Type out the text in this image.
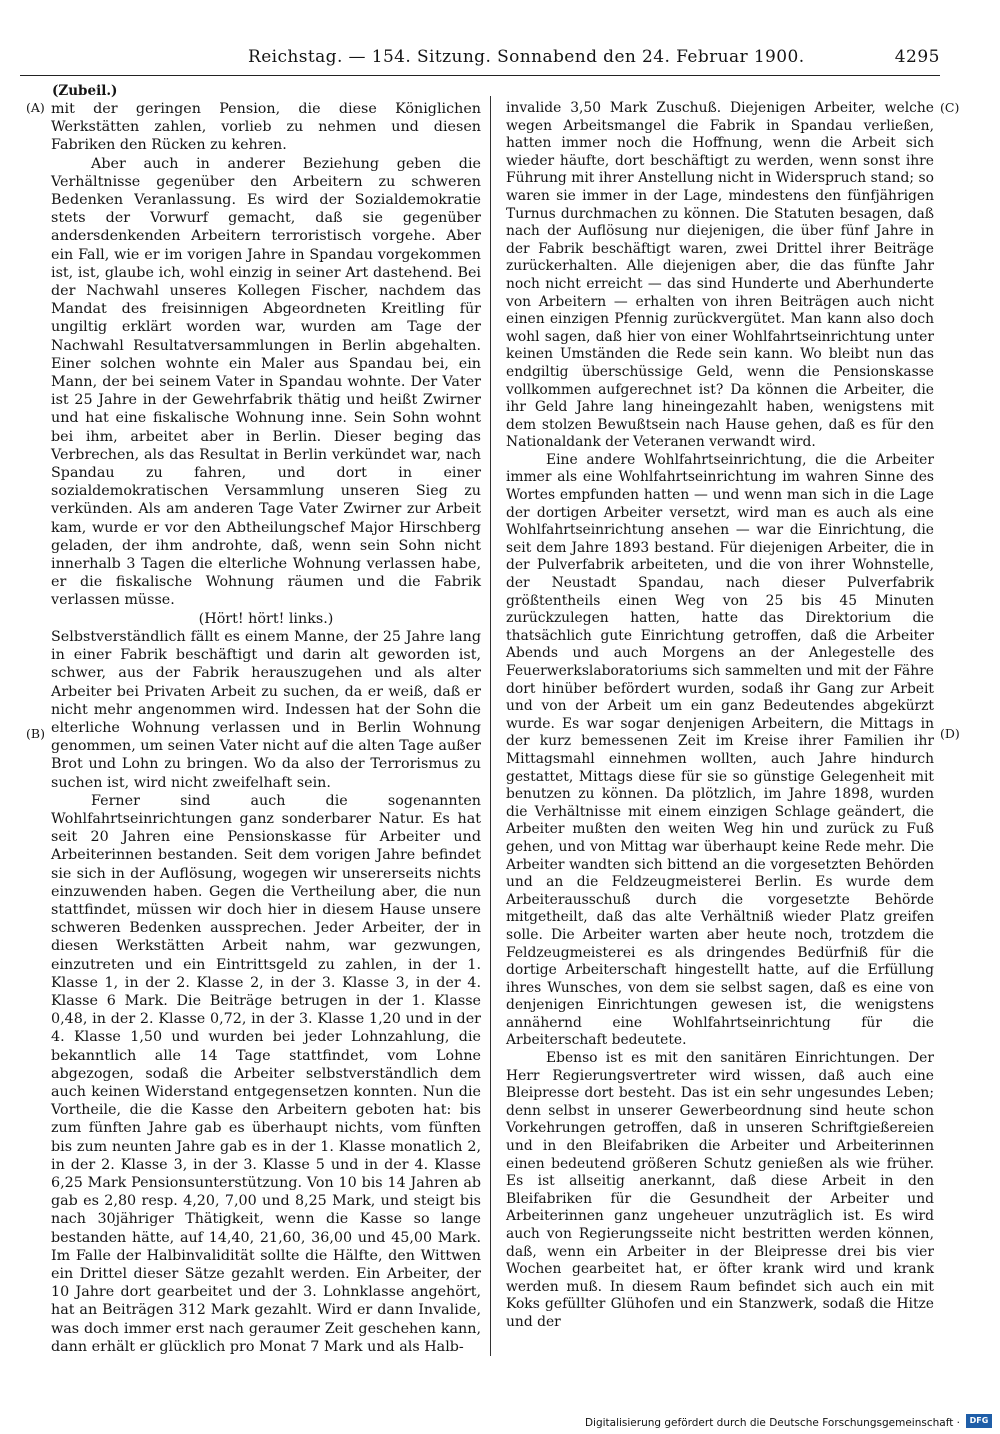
Reichstag. — 154. Sitzung. Sonnabend den 24. Februar 1900.	4295
(Zubeil.)
(A)
(B)
(C)
(D)

mit der geringen Pension, die diese Königlichen Werkstätten zahlen, vorlieb zu nehmen und diesen Fabriken den Rücken zu kehren.

Aber auch in anderer Beziehung geben die Verhältnisse gegenüber den Arbeitern zu schweren Bedenken Veranlassung. Es wird der Sozialdemokratie stets der Vorwurf gemacht, daß sie gegenüber andersdenkenden Arbeitern terroristisch vorgehe. Aber ein Fall, wie er im vorigen Jahre in Spandau vorgekommen ist, ist, glaube ich, wohl einzig in seiner Art dastehend. Bei der Nachwahl unseres Kollegen Fischer, nachdem das Mandat des freisinnigen Abgeordneten Kreitling für ungiltig erklärt worden war, wurden am Tage der Nachwahl Resultatversammlungen in Berlin abgehalten. Einer solchen wohnte ein Maler aus Spandau bei, ein Mann, der bei seinem Vater in Spandau wohnte. Der Vater ist 25 Jahre in der Gewehrfabrik thätig und heißt Zwirner und hat eine fiskalische Wohnung inne. Sein Sohn wohnt bei ihm, arbeitet aber in Berlin. Dieser beging das Verbrechen, als das Resultat in Berlin verkündet war, nach Spandau zu fahren, und dort in einer sozialdemokratischen Versammlung unseren Sieg zu verkünden. Als am anderen Tage Vater Zwirner zur Arbeit kam, wurde er vor den Abtheilungschef Major Hirschberg geladen, der ihm androhte, daß, wenn sein Sohn nicht innerhalb 3 Tagen die elterliche Wohnung verlassen habe, er die fiskalische Wohnung räumen und die Fabrik verlassen müsse.

(Hört! hört! links.)

Selbstverständlich fällt es einem Manne, der 25 Jahre lang in einer Fabrik beschäftigt und darin alt geworden ist, schwer, aus der Fabrik herauszugehen und als alter Arbeiter bei Privaten Arbeit zu suchen, da er weiß, daß er nicht mehr angenommen wird. Indessen hat der Sohn die elterliche Wohnung verlassen und in Berlin Wohnung genommen, um seinen Vater nicht auf die alten Tage außer Brot und Lohn zu bringen. Wo da also der Terrorismus zu suchen ist, wird nicht zweifelhaft sein.

Ferner sind auch die sogenannten Wohlfahrtseinrichtungen ganz sonderbarer Natur. Es hat seit 20 Jahren eine Pensionskasse für Arbeiter und Arbeiterinnen bestanden. Seit dem vorigen Jahre befindet sie sich in der Auflösung, wogegen wir unsererseits nichts einzuwenden haben. Gegen die Vertheilung aber, die nun stattfindet, müssen wir doch hier in diesem Hause unsere schweren Bedenken aussprechen. Jeder Arbeiter, der in diesen Werkstätten Arbeit nahm, war gezwungen, einzutreten und ein Eintrittsgeld zu zahlen, in der 1. Klasse 1, in der 2. Klasse 2, in der 3. Klasse 3, in der 4. Klasse 6 Mark. Die Beiträge betrugen in der 1. Klasse 0,48, in der 2. Klasse 0,72, in der 3. Klasse 1,20 und in der 4. Klasse 1,50 und wurden bei jeder Lohnzahlung, die bekanntlich alle 14 Tage stattfindet, vom Lohne abgezogen, sodaß die Arbeiter selbstverständlich dem auch keinen Widerstand entgegensetzen konnten. Nun die Vortheile, die die Kasse den Arbeitern geboten hat: bis zum fünften Jahre gab es überhaupt nichts, vom fünften bis zum neunten Jahre gab es in der 1. Klasse monatlich 2, in der 2. Klasse 3, in der 3. Klasse 5 und in der 4. Klasse 6,25 Mark Pensionsunterstützung. Von 10 bis 14 Jahren ab gab es 2,80 resp. 4,20, 7,00 und 8,25 Mark, und steigt bis nach 30jähriger Thätigkeit, wenn die Kasse so lange bestanden hätte, auf 14,40, 21,60, 36,00 und 45,00 Mark. Im Falle der Halbinvalidität sollte die Hälfte, den Wittwen ein Drittel dieser Sätze gezahlt werden. Ein Arbeiter, der 10 Jahre dort gearbeitet und der 3. Lohnklasse angehört, hat an Beiträgen 312 Mark gezahlt. Wird er dann Invalide, was doch immer erst nach geraumer Zeit geschehen kann, dann erhält er glücklich pro Monat 7 Mark und als Halb-

invalide 3,50 Mark Zuschuß. Diejenigen Arbeiter, welche wegen Arbeitsmangel die Fabrik in Spandau verließen, hatten immer noch die Hoffnung, wenn die Arbeit sich wieder häufte, dort beschäftigt zu werden, wenn sonst ihre Führung mit ihrer Anstellung nicht in Widerspruch stand; so waren sie immer in der Lage, mindestens den fünfjährigen Turnus durchmachen zu können. Die Statuten besagen, daß nach der Auflösung nur diejenigen, die über fünf Jahre in der Fabrik beschäftigt waren, zwei Drittel ihrer Beiträge zurückerhalten. Alle diejenigen aber, die das fünfte Jahr noch nicht erreicht — das sind Hunderte und Aberhunderte von Arbeitern — erhalten von ihren Beiträgen auch nicht einen einzigen Pfennig zurückvergütet. Man kann also doch wohl sagen, daß hier von einer Wohlfahrtseinrichtung unter keinen Umständen die Rede sein kann. Wo bleibt nun das endgiltig überschüssige Geld, wenn die Pensionskasse vollkommen aufgerechnet ist? Da können die Arbeiter, die ihr Geld Jahre lang hineingezahlt haben, wenigstens mit dem stolzen Bewußtsein nach Hause gehen, daß es für den Nationaldank der Veteranen verwandt wird.

Eine andere Wohlfahrtseinrichtung, die die Arbeiter immer als eine Wohlfahrtseinrichtung im wahren Sinne des Wortes empfunden hatten — und wenn man sich in die Lage der dortigen Arbeiter versetzt, wird man es auch als eine Wohlfahrtseinrichtung ansehen — war die Einrichtung, die seit dem Jahre 1893 bestand. Für diejenigen Arbeiter, die in der Pulverfabrik arbeiteten, und die von ihrer Wohnstelle, der Neustadt Spandau, nach dieser Pulverfabrik größtentheils einen Weg von 25 bis 45 Minuten zurückzulegen hatten, hatte das Direktorium die thatsächlich gute Einrichtung getroffen, daß die Arbeiter Abends und auch Morgens an der Anlegestelle des Feuerwerkslaboratoriums sich sammelten und mit der Fähre dort hinüber befördert wurden, sodaß ihr Gang zur Arbeit und von der Arbeit um ein ganz Bedeutendes abgekürzt wurde. Es war sogar denjenigen Arbeitern, die Mittags in der kurz bemessenen Zeit im Kreise ihrer Familien ihr Mittagsmahl einnehmen wollten, auch Jahre hindurch gestattet, Mittags diese für sie so günstige Gelegenheit mit benutzen zu können. Da plötzlich, im Jahre 1898, wurden die Verhältnisse mit einem einzigen Schlage geändert, die Arbeiter mußten den weiten Weg hin und zurück zu Fuß gehen, und von Mittag war überhaupt keine Rede mehr. Die Arbeiter wandten sich bittend an die vorgesetzten Behörden und an die Feldzeugmeisterei Berlin. Es wurde dem Arbeiterausschuß durch die vorgesetzte Behörde mitgetheilt, daß das alte Verhältniß wieder Platz greifen solle. Die Arbeiter warten aber heute noch, trotzdem die Feldzeugmeisterei es als dringendes Bedürfniß für die dortige Arbeiterschaft hingestellt hatte, auf die Erfüllung ihres Wunsches, von dem sie selbst sagen, daß es eine von denjenigen Einrichtungen gewesen ist, die wenigstens annähernd eine Wohlfahrtseinrichtung für die Arbeiterschaft bedeutete.

Ebenso ist es mit den sanitären Einrichtungen. Der Herr Regierungsvertreter wird wissen, daß auch eine Bleipresse dort besteht. Das ist ein sehr ungesundes Leben; denn selbst in unserer Gewerbeordnung sind heute schon Vorkehrungen getroffen, daß in unseren Schriftgießereien und in den Bleifabriken die Arbeiter und Arbeiterinnen einen bedeutend größeren Schutz genießen als wie früher. Es ist allseitig anerkannt, daß diese Arbeit in den Bleifabriken für die Gesundheit der Arbeiter und Arbeiterinnen ganz ungeheuer unzuträglich ist. Es wird auch von Regierungsseite nicht bestritten werden können, daß, wenn ein Arbeiter in der Bleipresse drei bis vier Wochen gearbeitet hat, er öfter krank wird und krank werden muß. In diesem Raum befindet sich auch ein mit Koks gefüllter Glühofen und ein Stanzwerk, sodaß die Hitze und der

Digitalisierung gefördert durch die Deutsche Forschungsgemeinschaft ·	DFG
